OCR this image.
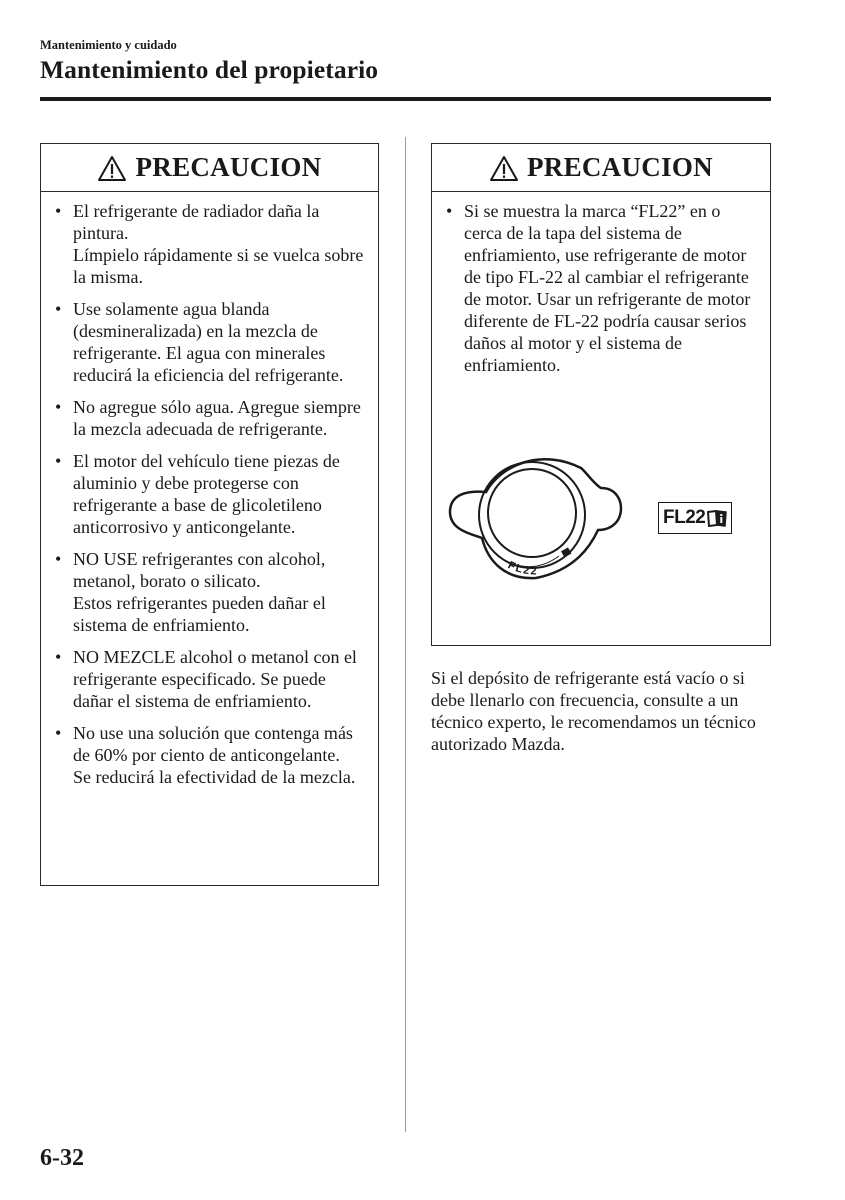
Mantenimiento y cuidado
Mantenimiento del propietario
PRECAUCION
• El refrigerante de radiador daña la pintura.
Límpielo rápidamente si se vuelca sobre la misma.
• Use solamente agua blanda (desmineralizada) en la mezcla de refrigerante. El agua con minerales reducirá la eficiencia del refrigerante.
• No agregue sólo agua. Agregue siempre la mezcla adecuada de refrigerante.
• El motor del vehículo tiene piezas de aluminio y debe protegerse con refrigerante a base de glicoletileno anticorrosivo y anticongelante.
• NO USE refrigerantes con alcohol, metanol, borato o silicato.
Estos refrigerantes pueden dañar el sistema de enfriamiento.
• NO MEZCLE alcohol o metanol con el refrigerante especificado. Se puede dañar el sistema de enfriamiento.
• No use una solución que contenga más de 60% por ciento de anticongelante.
Se reducirá la efectividad de la mezcla.
PRECAUCION
• Si se muestra la marca “FL22” en o cerca de la tapa del sistema de enfriamiento, use refrigerante de motor de tipo FL-22 al cambiar el refrigerante de motor. Usar un refrigerante de motor diferente de FL-22 podría causar serios daños al motor y el sistema de enfriamiento.
FL22
FL22
Si el depósito de refrigerante está vacío o si debe llenarlo con frecuencia, consulte a un técnico experto, le recomendamos un técnico autorizado Mazda.
6-32
